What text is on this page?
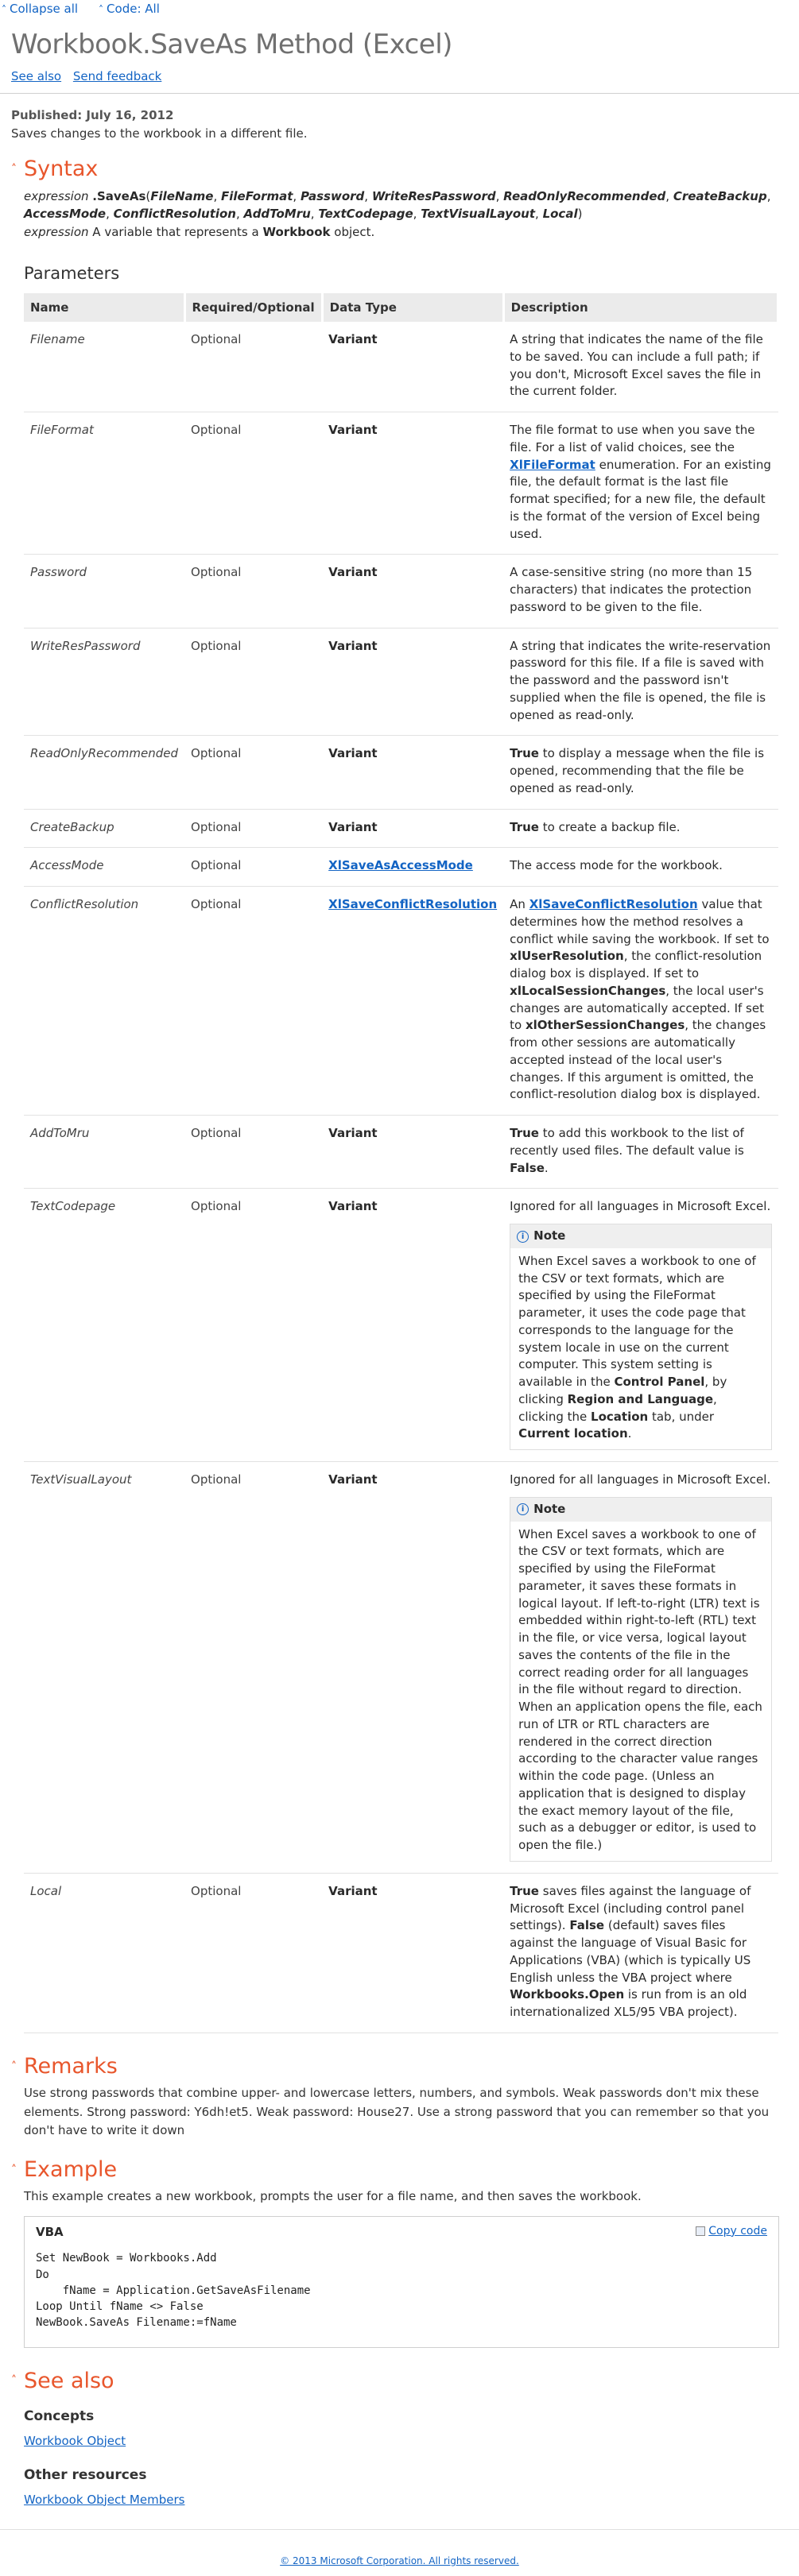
˄ Collapse all ˄ Code: All
Workbook.SaveAs Method (Excel)
See also Send feedback
Published: July 16, 2012
Saves changes to the workbook in a different file.
˄ Syntax
expression .SaveAs(FileName, FileFormat, Password, WriteResPassword, ReadOnlyRecommended, CreateBackup, AccessMode, ConflictResolution, AddToMru, TextCodepage, TextVisualLayout, Local)
expression A variable that represents a Workbook object.
Parameters
Name	Required/Optional	Data Type	Description
Filename	Optional	Variant	A string that indicates the name of the file to be saved. You can include a full path; if you don't, Microsoft Excel saves the file in the current folder.
FileFormat	Optional	Variant	The file format to use when you save the file. For a list of valid choices, see the XlFileFormat enumeration. For an existing file, the default format is the last file format specified; for a new file, the default is the format of the version of Excel being used.
Password	Optional	Variant	A case-sensitive string (no more than 15 characters) that indicates the protection password to be given to the file.
WriteResPassword	Optional	Variant	A string that indicates the write-reservation password for this file. If a file is saved with the password and the password isn't supplied when the file is opened, the file is opened as read-only.
ReadOnlyRecommended	Optional	Variant	True to display a message when the file is opened, recommending that the file be opened as read-only.
CreateBackup	Optional	Variant	True to create a backup file.
AccessMode	Optional	XlSaveAsAccessMode	The access mode for the workbook.
ConflictResolution	Optional	XlSaveConflictResolution	An XlSaveConflictResolution value that determines how the method resolves a conflict while saving the workbook. If set to xlUserResolution, the conflict-resolution dialog box is displayed. If set to xlLocalSessionChanges, the local user's changes are automatically accepted. If set to xlOtherSessionChanges, the changes from other sessions are automatically accepted instead of the local user's changes. If this argument is omitted, the conflict-resolution dialog box is displayed.
AddToMru	Optional	Variant	True to add this workbook to the list of recently used files. The default value is False.
TextCodepage	Optional	Variant	Ignored for all languages in Microsoft Excel.
i Note
When Excel saves a workbook to one of the CSV or text formats, which are specified by using the FileFormat parameter, it uses the code page that corresponds to the language for the system locale in use on the current computer. This system setting is available in the Control Panel, by clicking Region and Language, clicking the Location tab, under Current location.

TextVisualLayout	Optional	Variant	Ignored for all languages in Microsoft Excel.
i Note
When Excel saves a workbook to one of the CSV or text formats, which are specified by using the FileFormat parameter, it saves these formats in logical layout. If left-to-right (LTR) text is embedded within right-to-left (RTL) text in the file, or vice versa, logical layout saves the contents of the file in the correct reading order for all languages in the file without regard to direction. When an application opens the file, each run of LTR or RTL characters are rendered in the correct direction according to the character value ranges within the code page. (Unless an application that is designed to display the exact memory layout of the file, such as a debugger or editor, is used to open the file.)

Local	Optional	Variant	True saves files against the language of Microsoft Excel (including control panel settings). False (default) saves files against the language of Visual Basic for Applications (VBA) (which is typically US English unless the VBA project where Workbooks.Open is run from is an old internationalized XL5/95 VBA project).
˄ Remarks
Use strong passwords that combine upper- and lowercase letters, numbers, and symbols. Weak passwords don't mix these elements. Strong password: Y6dh!et5. Weak password: House27. Use a strong password that you can remember so that you don't have to write it down
˄ Example
This example creates a new workbook, prompts the user for a file name, and then saves the workbook.
VBA	Copy code
Set NewBook = Workbooks.Add
Do
fName = Application.GetSaveAsFilename
Loop Until fName <> False
NewBook.SaveAs Filename:=fName
˄ See also
Concepts
Workbook Object
Other resources
Workbook Object Members
© 2013 Microsoft Corporation. All rights reserved.
